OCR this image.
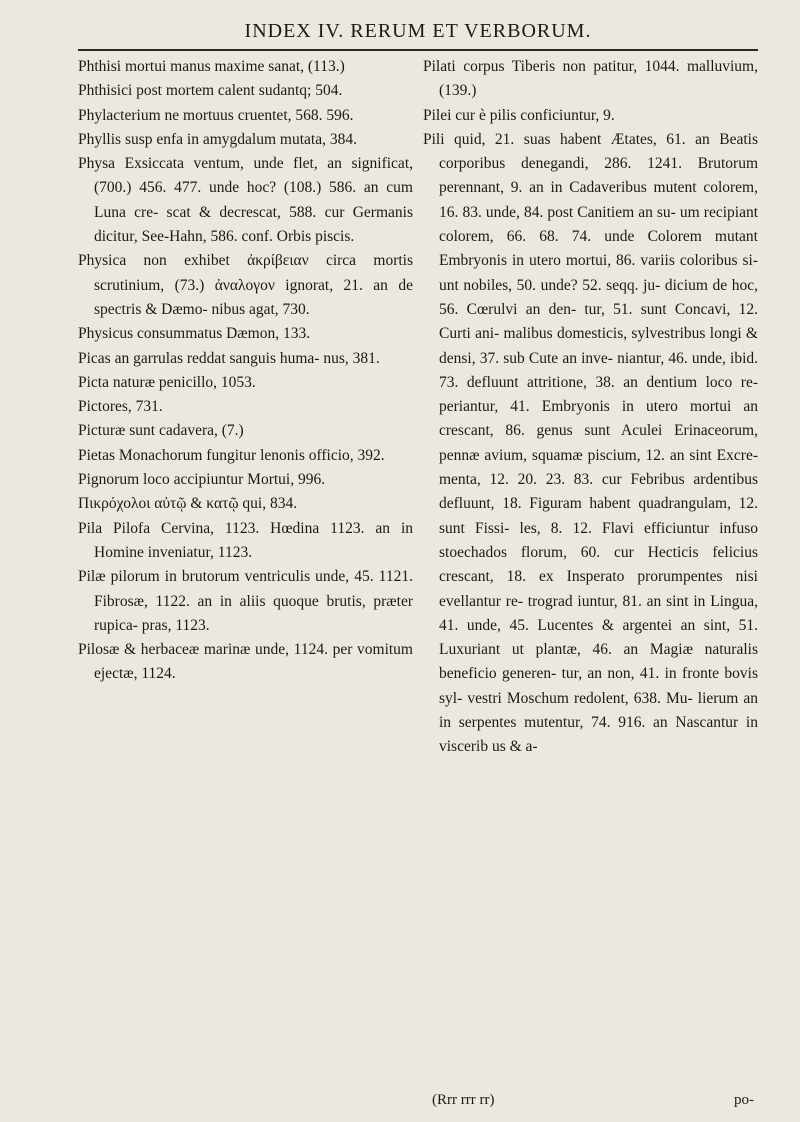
INDEX IV. RERUM ET VERBORUM.

Phthisi mortui manus maxime sanat, (113.)

Phthisici post mortem calent sudantq; 504.

Phylacterium ne mortuus cruentet, 568. 596.

Phyllis susp enfa in amygdalum mutata, 384.

Physa Exsiccata ventum, unde flet, an significat, (700.) 456. 477. unde hoc? (108.) 586. an cum Luna cre- scat & decrescat, 588. cur Germanis dicitur, See-Hahn, 586. conf. Orbis piscis.

Physica non exhibet ἀκρίβειαν circa mortis scrutinium, (73.) ἀναλογον ignorat, 21. an de spectris & Dæmo- nibus agat, 730.

Physicus consummatus Dæmon, 133.

Picas an garrulas reddat sanguis huma- nus, 381.

Picta naturæ penicillo, 1053.

Pictores, 731.

Picturæ sunt cadavera, (7.)

Pietas Monachorum fungitur lenonis officio, 392.

Pignorum loco accipiuntur Mortui, 996.

Πικρόχολοι αὐτῷ & κατῷ qui, 834.

Pila Pilofa Cervina, 1123. Hœdina 1123. an in Homine inveniatur, 1123.

Pilæ pilorum in brutorum ventriculis unde, 45. 1121. Fibrosæ, 1122. an in aliis quoque brutis, præter rupica- pras, 1123.

Pilosæ & herbaceæ marinæ unde, 1124. per vomitum ejectæ, 1124.

Pilati corpus Tiberis non patitur, 1044. malluvium, (139.)

Pilei cur è pilis conficiuntur, 9.

Pili quid, 21. suas habent Ætates, 61. an Beatis corporibus denegandi, 286. 1241. Brutorum perennant, 9. an in Cadaveribus mutent colorem, 16. 83. unde, 84. post Canitiem an su- um recipiant colorem, 66. 68. 74. unde Colorem mutant Embryonis in utero mortui, 86. variis coloribus si- unt nobiles, 50. unde? 52. seqq. ju- dicium de hoc, 56. Cœrulvi an den- tur, 51. sunt Concavi, 12. Curti ani- malibus domesticis, sylvestribus longi & densi, 37. sub Cute an inve- niantur, 46. unde, ibid. 73. defluunt attritione, 38. an dentium loco re- periantur, 41. Embryonis in utero mortui an crescant, 86. genus sunt Aculei Erinaceorum, pennæ avium, squamæ piscium, 12. an sint Excre- menta, 12. 20. 23. 83. cur Febribus ardentibus defluunt, 18. Figuram habent quadrangulam, 12. sunt Fissi- les, 8. 12. Flavi efficiuntur infuso stoechados florum, 60. cur Hecticis felicius crescant, 18. ex Insperato prorumpentes nisi evellantur re- trograd iuntur, 81. an sint in Lingua, 41. unde, 45. Lucentes & argentei an sint, 51. Luxuriant ut plantæ, 46. an Magiæ naturalis beneficio generen- tur, an non, 41. in fronte bovis syl- vestri Moschum redolent, 638. Mu- lierum an in serpentes mutentur, 74. 916. an Nascantur in viscerib us & a-

(Rrr rrr rr)	po-
